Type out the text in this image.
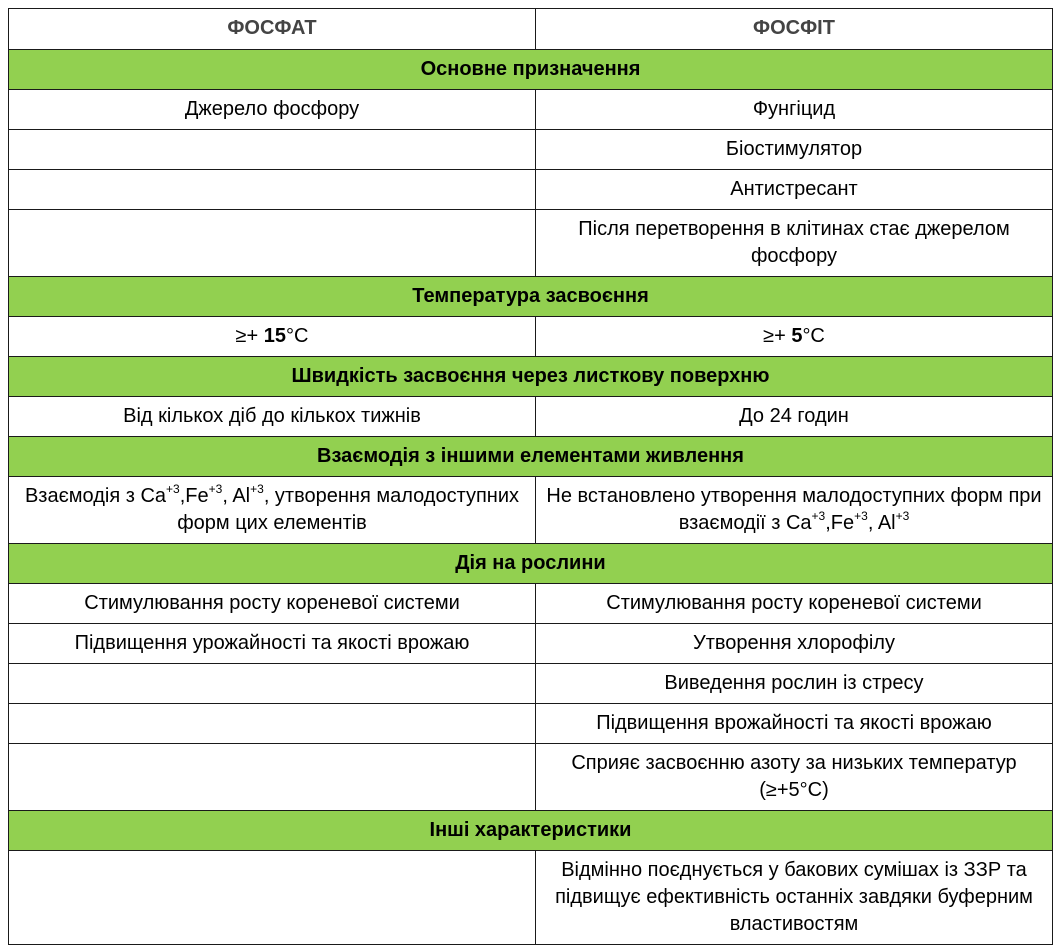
ФОСФАТ	ФОСФІТ
Основне призначення	
Джерело фосфору	Фунгіцид
	Біостимулятор
	Антистресант
	Після перетворення в клітинах стає джерелом фосфору
Температура засвоєння	
≥+ 15°C	≥+ 5°C
Швидкість засвоєння через листкову поверхню	
Від кількох діб до кількох тижнів	До 24 годин
Взаємодія з іншими елементами живлення	
Взаємодія з $Ca^{+3},Fe^{+3}$, $Al^{+3}$, утворення малодоступних форм цих елементів	Не встановлено утворення малодоступних форм при взаємодії з $Ca^{+3},Fe^{+3}$, $Al^{+3}$
Дія на рослини	
Стимулювання росту кореневої системи	Стимулювання росту кореневої системи
Підвищення урожайності та якості врожаю	Утворення хлорофілу
	Виведення рослин із стресу
	Підвищення врожайності та якості врожаю
	Сприяє засвоєнню азоту за низьких температур (≥+5°C)
Інші характеристики	
	Відмінно поєднується у бакових сумішах із ЗЗР та підвищує ефективність останніх завдяки буферним властивостям
